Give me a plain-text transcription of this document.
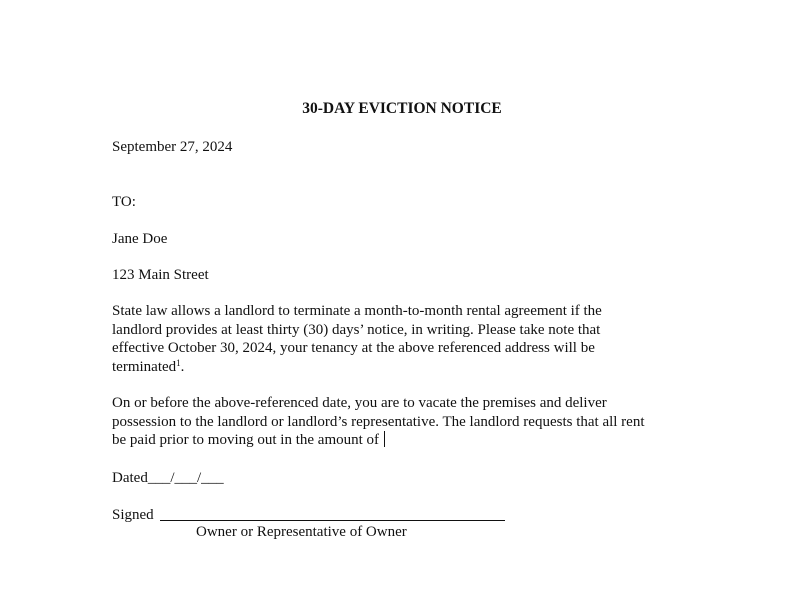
30-DAY EVICTION NOTICE

September 27, 2024

TO:

Jane Doe

123 Main Street

State law allows a landlord to terminate a month-to-month rental agreement if the
landlord provides at least thirty (30) days’ notice, in writing. Please take note that
effective October 30, 2024, your tenancy at the above referenced address will be
terminated$^1$.
On or before the above-referenced date, you are to vacate the premises and deliver
possession to the landlord or landlord’s representative. The landlord requests that all rent
be paid prior to moving out in the amount of

Dated___/___/___

Signed

Owner or Representative of Owner
